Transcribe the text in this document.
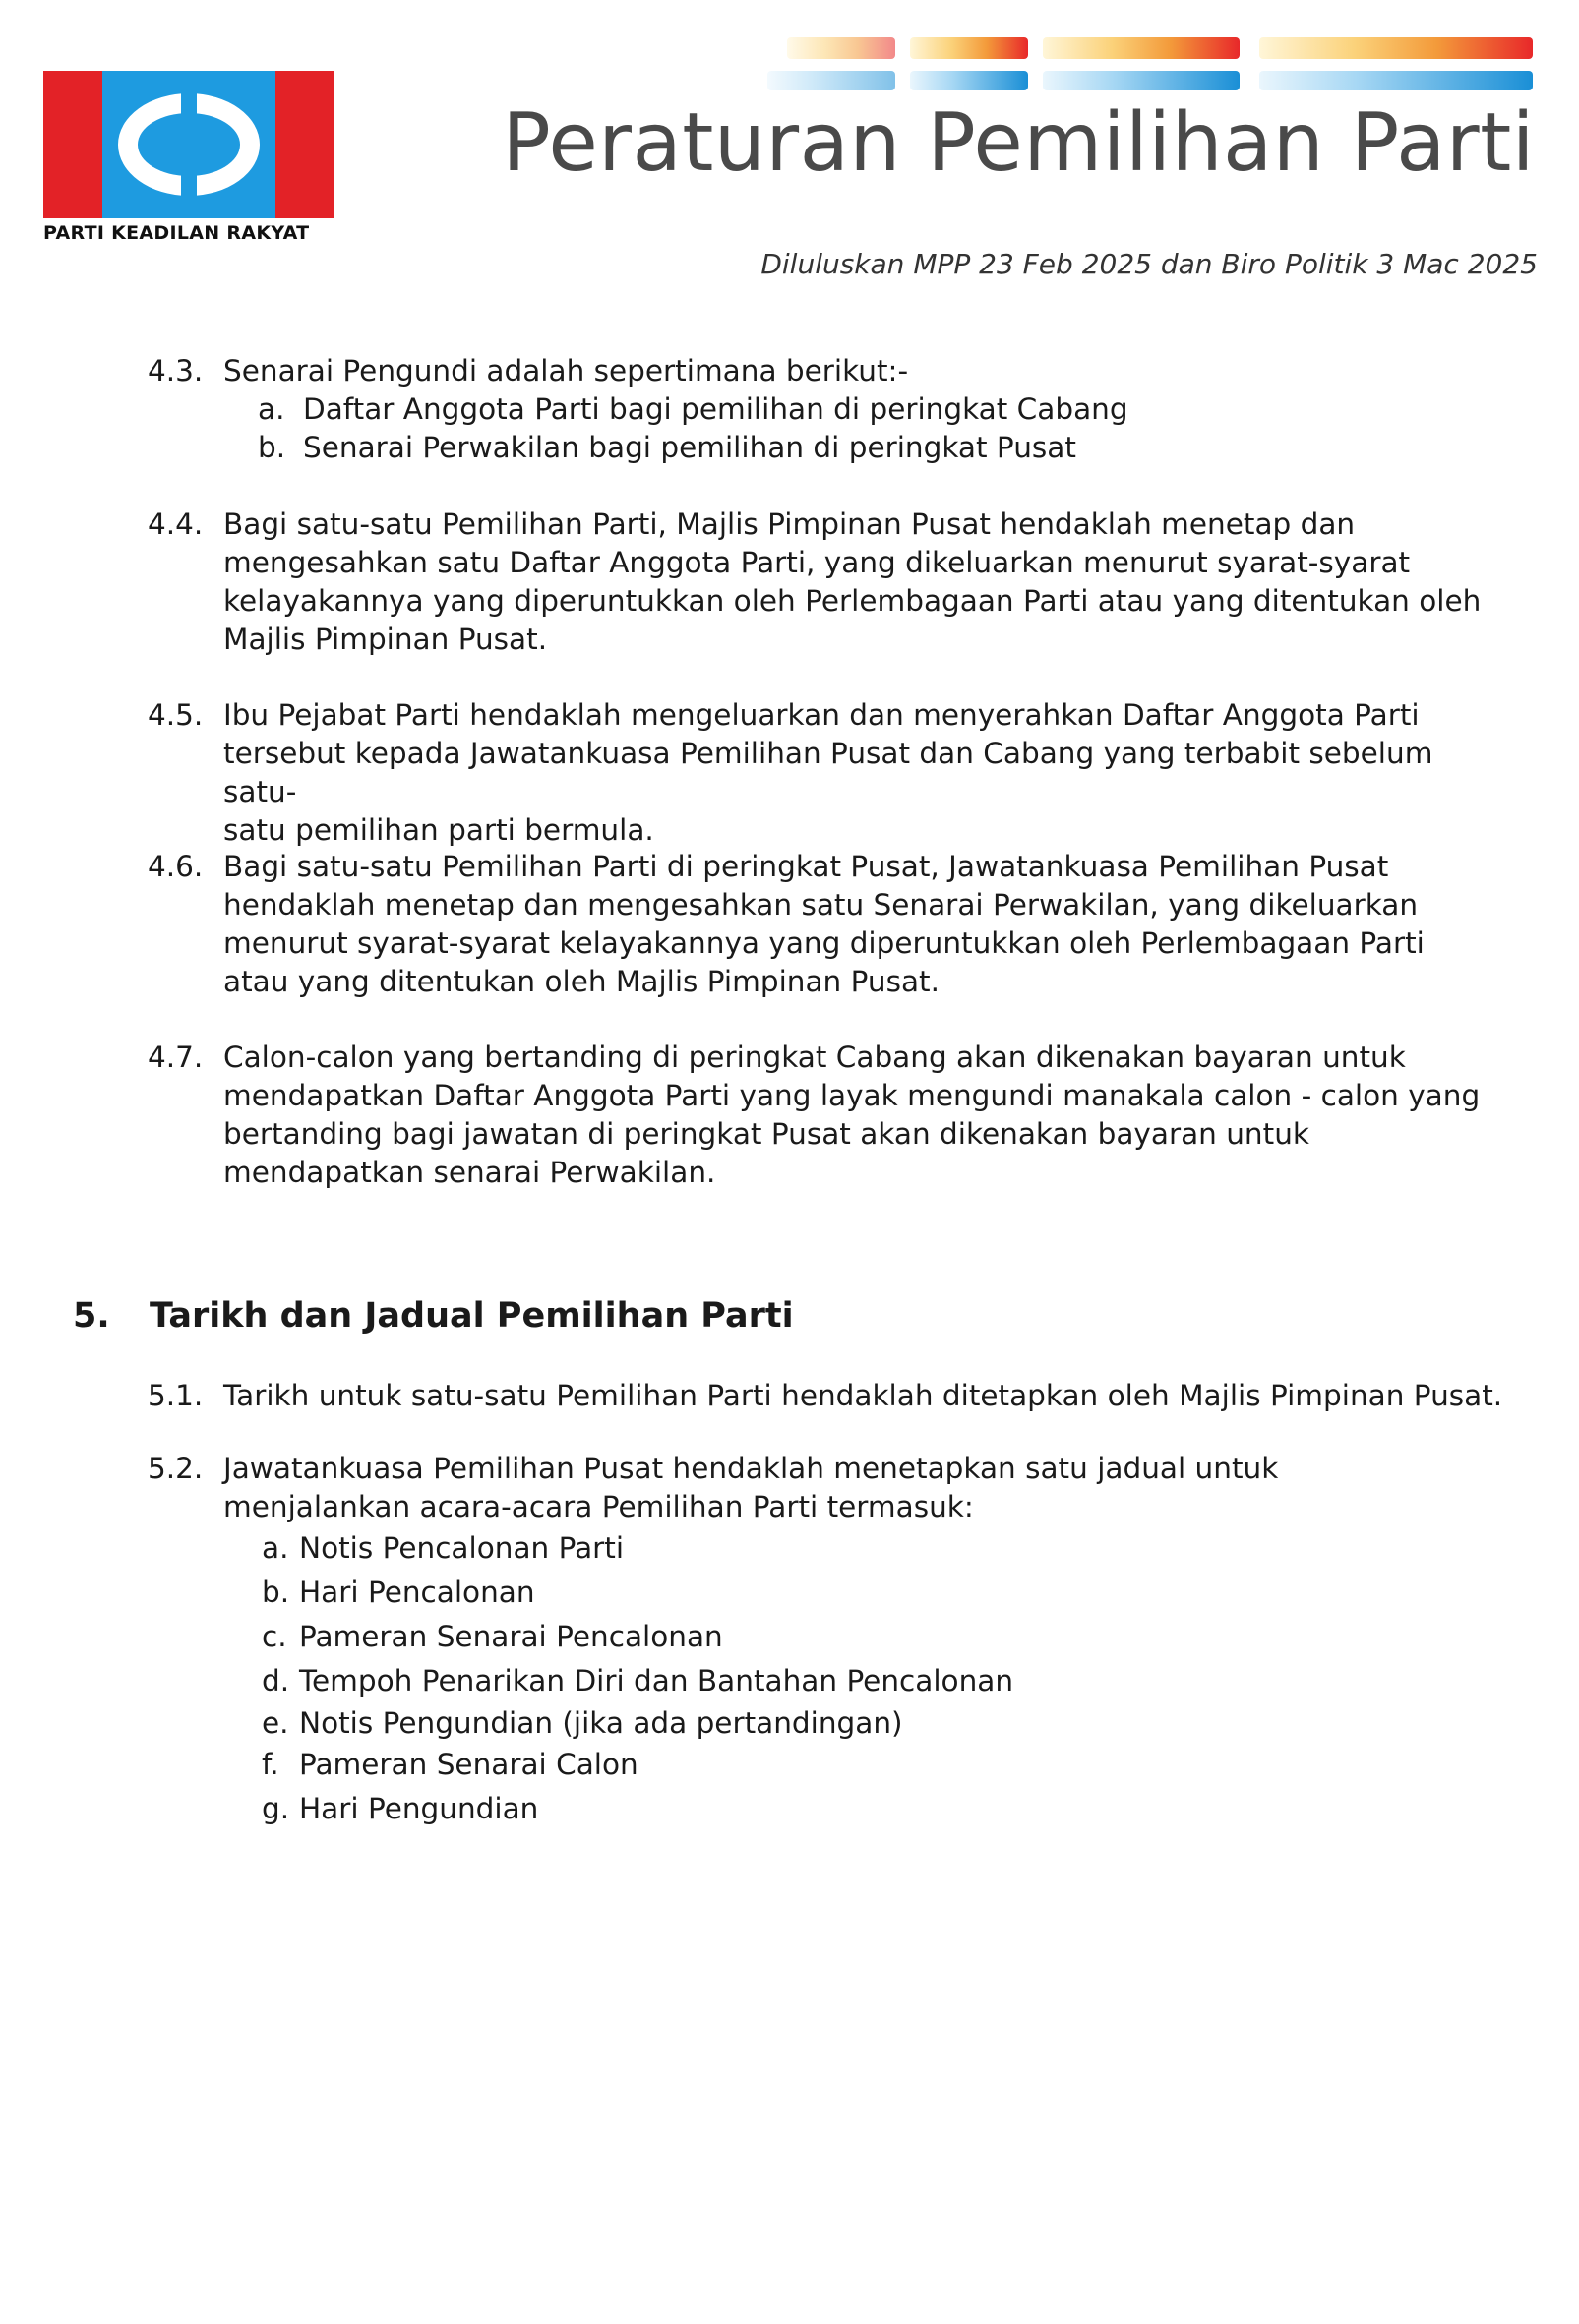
PARTI KEADILAN RAKYAT
Peraturan Pemilihan Parti
Diluluskan MPP 23 Feb 2025 dan Biro Politik 3 Mac 2025
4.3. Senarai Pengundi adalah sepertimana berikut:-
a. Daftar Anggota Parti bagi pemilihan di peringkat Cabang
b. Senarai Perwakilan bagi pemilihan di peringkat Pusat
4.4. Bagi satu-satu Pemilihan Parti, Majlis Pimpinan Pusat hendaklah menetap dan
mengesahkan satu Daftar Anggota Parti, yang dikeluarkan menurut syarat-syarat
kelayakannya yang diperuntukkan oleh Perlembagaan Parti atau yang ditentukan oleh
Majlis Pimpinan Pusat.
4.5. Ibu Pejabat Parti hendaklah mengeluarkan dan menyerahkan Daftar Anggota Parti
tersebut kepada Jawatankuasa Pemilihan Pusat dan Cabang yang terbabit sebelum satu-
satu pemilihan parti bermula.
4.6. Bagi satu-satu Pemilihan Parti di peringkat Pusat, Jawatankuasa Pemilihan Pusat
hendaklah menetap dan mengesahkan satu Senarai Perwakilan, yang dikeluarkan
menurut syarat-syarat kelayakannya yang diperuntukkan oleh Perlembagaan Parti
atau yang ditentukan oleh Majlis Pimpinan Pusat.
4.7. Calon-calon yang bertanding di peringkat Cabang akan dikenakan bayaran untuk
mendapatkan Daftar Anggota Parti yang layak mengundi manakala calon - calon yang
bertanding bagi jawatan di peringkat Pusat akan dikenakan bayaran untuk
mendapatkan senarai Perwakilan.
5. Tarikh dan Jadual Pemilihan Parti
5.1. Tarikh untuk satu-satu Pemilihan Parti hendaklah ditetapkan oleh Majlis Pimpinan Pusat.
5.2. Jawatankuasa Pemilihan Pusat hendaklah menetapkan satu jadual untuk
menjalankan acara-acara Pemilihan Parti termasuk:
a. Notis Pencalonan Parti
b. Hari Pencalonan
c. Pameran Senarai Pencalonan
d. Tempoh Penarikan Diri dan Bantahan Pencalonan
e. Notis Pengundian (jika ada pertandingan)
f. Pameran Senarai Calon
g. Hari Pengundian
